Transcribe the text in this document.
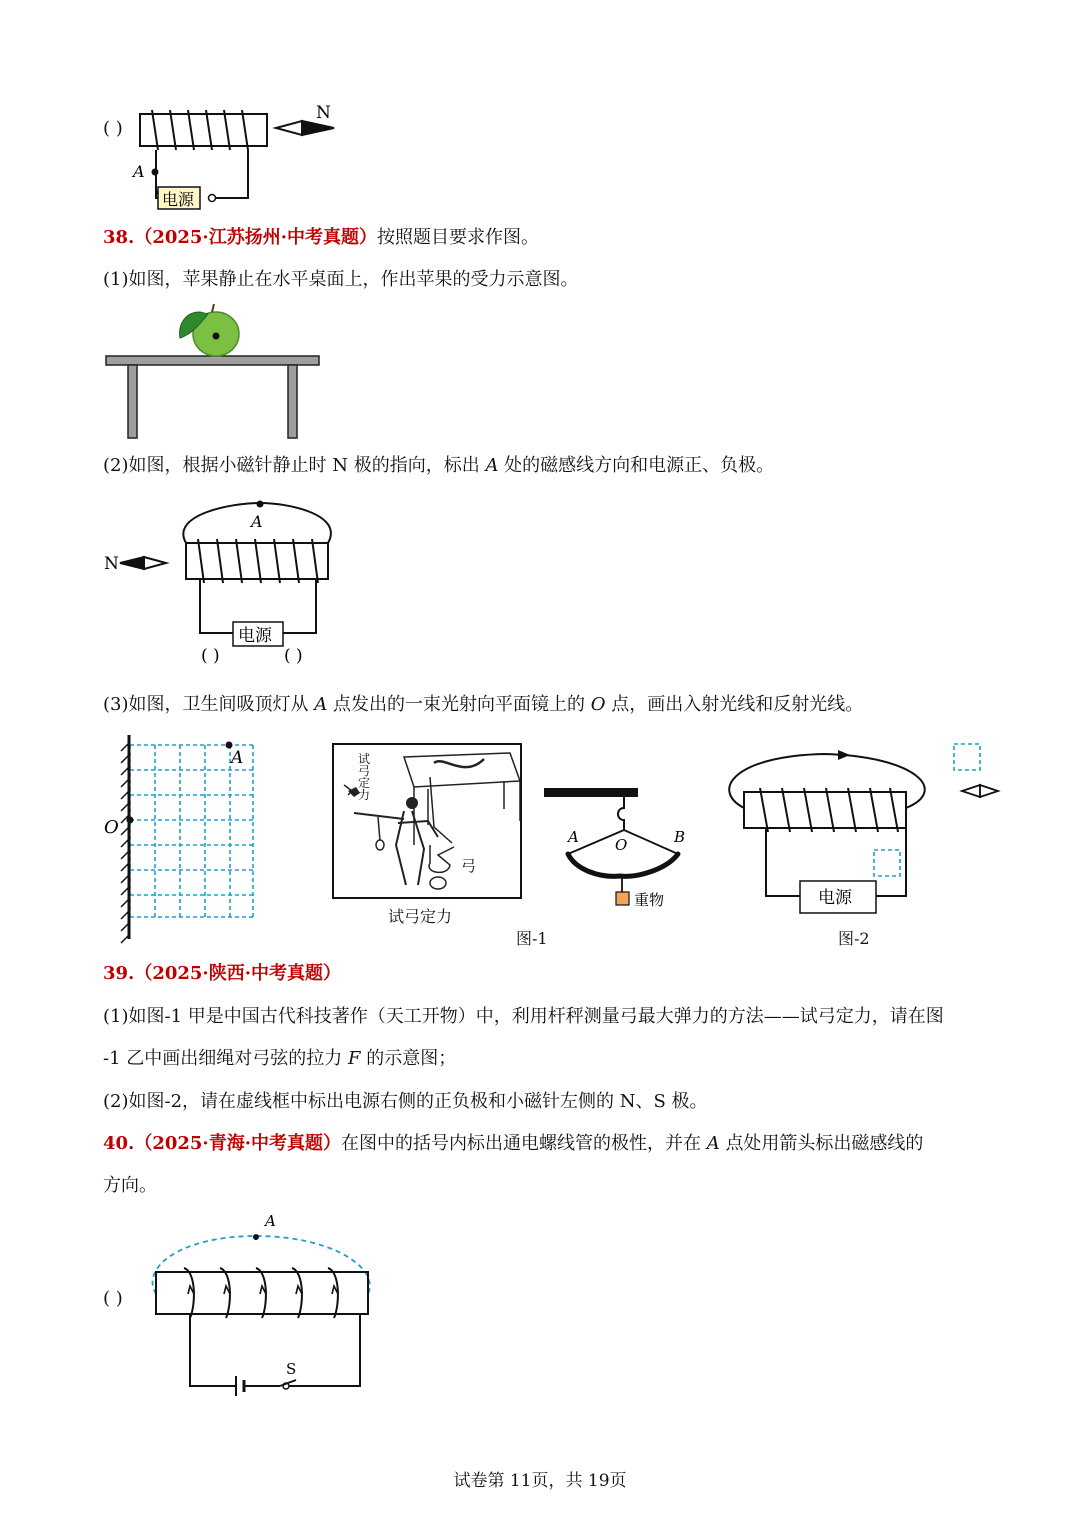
( )
N
A
电源
38.（2025·江苏扬州·中考真题）按照题目要求作图。
(1)如图，苹果静止在水平桌面上，作出苹果的受力示意图。
(2)如图，根据小磁针静止时 N 极的指向，标出 A 处的磁感线方向和电源正、负极。
A
电源
N
( )	( )
(3)如图，卫生间吸顶灯从 A 点发出的一束光射向平面镜上的 O 点，画出入射光线和反射光线。
A
O
试弓定力
弓
试弓定力
A O	B
重物
图-1
电源
图-2
39.（2025·陕西·中考真题）
(1)如图-1 甲是中国古代科技著作（天工开物）中，利用杆秤测量弓最大弹力的方法——试弓定力，请在图
-1 乙中画出细绳对弓弦的拉力 F 的示意图；
(2)如图-2，请在虚线框中标出电源右侧的正负极和小磁针左侧的 N、S 极。
40.（2025·青海·中考真题）在图中的括号内标出通电螺线管的极性，并在 A 点处用箭头标出磁感线的
方向。
( )
A
S
试卷第 11页，共 19页
